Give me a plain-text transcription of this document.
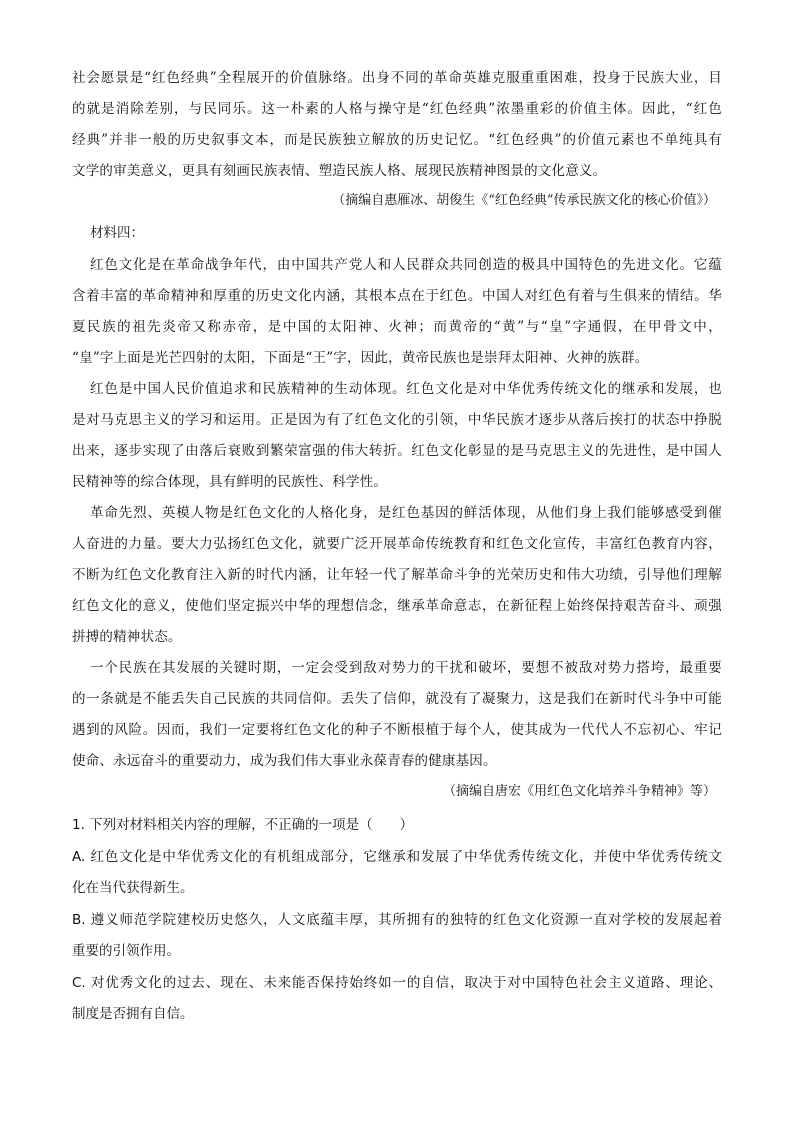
社会愿景是“红色经典”全程展开的价值脉络。出身不同的革命英雄克服重重困难，投身于民族大业，目
的就是消除差别，与民同乐。这一朴素的人格与操守是“红色经典”浓墨重彩的价值主体。因此，“红色
经典”并非一般的历史叙事文本，而是民族独立解放的历史记忆。“红色经典”的价值元素也不单纯具有
文学的审美意义，更具有刻画民族表情、塑造民族人格、展现民族精神图景的文化意义。
（摘编自惠雁冰、胡俊生《“红色经典”传承民族文化的核心价值》）
材料四：
红色文化是在革命战争年代，由中国共产党人和人民群众共同创造的极具中国特色的先进文化。它蕴
含着丰富的革命精神和厚重的历史文化内涵，其根本点在于红色。中国人对红色有着与生俱来的情结。华
夏民族的祖先炎帝又称赤帝，是中国的太阳神、火神；而黄帝的“黄”与“皇”字通假，在甲骨文中，
“皇”字上面是光芒四射的太阳，下面是“王”字，因此，黄帝民族也是崇拜太阳神、火神的族群。
红色是中国人民价值追求和民族精神的生动体现。红色文化是对中华优秀传统文化的继承和发展，也
是对马克思主义的学习和运用。正是因为有了红色文化的引领，中华民族才逐步从落后挨打的状态中挣脱
出来，逐步实现了由落后衰败到繁荣富强的伟大转折。红色文化彰显的是马克思主义的先进性，是中国人
民精神等的综合体现，具有鲜明的民族性、科学性。
革命先烈、英模人物是红色文化的人格化身，是红色基因的鲜活体现，从他们身上我们能够感受到催
人奋进的力量。要大力弘扬红色文化，就要广泛开展革命传统教育和红色文化宣传，丰富红色教育内容，
不断为红色文化教育注入新的时代内涵，让年轻一代了解革命斗争的光荣历史和伟大功绩，引导他们理解
红色文化的意义，使他们坚定振兴中华的理想信念，继承革命意志，在新征程上始终保持艰苦奋斗、顽强
拼搏的精神状态。
一个民族在其发展的关键时期，一定会受到敌对势力的干扰和破坏，要想不被敌对势力搭垮，最重要
的一条就是不能丢失自己民族的共同信仰。丢失了信仰，就没有了凝聚力，这是我们在新时代斗争中可能
遇到的风险。因而，我们一定要将红色文化的种子不断根植于每个人，使其成为一代代人不忘初心、牢记
使命、永远奋斗的重要动力，成为我们伟大事业永葆青春的健康基因。
（摘编自唐宏《用红色文化培养斗争精神》等）
1. 下列对材料相关内容的理解，不正确的一项是（　　）
A. 红色文化是中华优秀文化的有机组成部分，它继承和发展了中华优秀传统文化，并使中华优秀传统文
化在当代获得新生。
B. 遵义师范学院建校历史悠久，人文底蕴丰厚，其所拥有的独特的红色文化资源一直对学校的发展起着
重要的引领作用。
C. 对优秀文化的过去、现在、未来能否保持始终如一的自信，取决于对中国特色社会主义道路、理论、
制度是否拥有自信。
